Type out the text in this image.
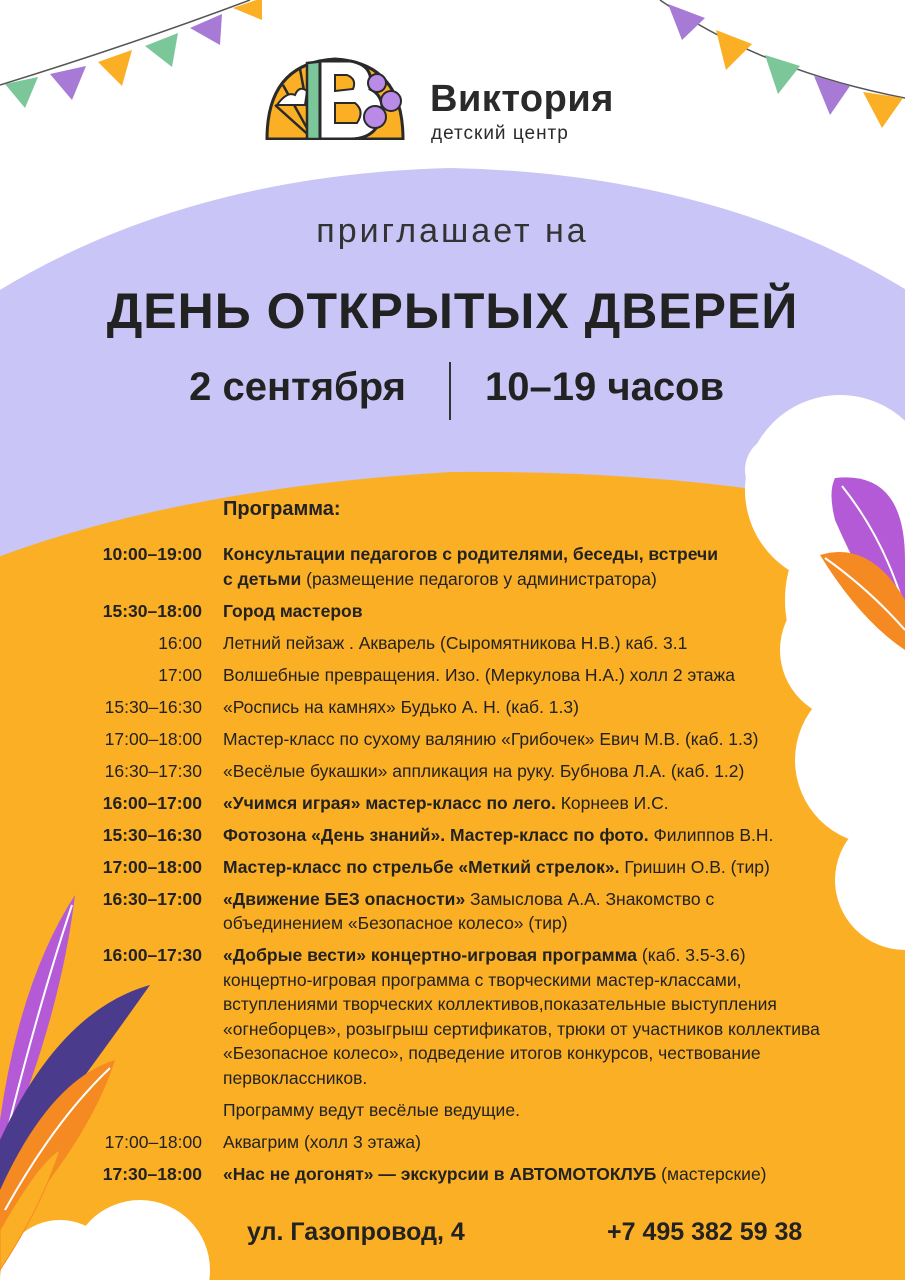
Виктория
детский центр
приглашает на
ДЕНЬ ОТКРЫТЫХ ДВЕРЕЙ
2 сентября	10–19 часов
Программа:
10:00–19:00 Консультации педагогов с родителями, беседы, встречи
с детьми (размещение педагогов у администратора)
15:30–18:00 Город мастеров
16:00 Летний пейзаж . Акварель (Сыромятникова Н.В.) каб. 3.1
17:00 Волшебные превращения. Изо. (Меркулова Н.А.) холл 2 этажа
15:30–16:30 «Роспись на камнях» Будько А. Н. (каб. 1.3)
17:00–18:00 Мастер-класс по сухому валянию «Грибочек» Евич М.В. (каб. 1.3)
16:30–17:30 «Весёлые букашки» аппликация на руку. Бубнова Л.А. (каб. 1.2)
16:00–17:00 «Учимся играя» мастер-класс по лего. Корнеев И.С.
15:30–16:30 Фотозона «День знаний». Мастер-класс по фото. Филиппов В.Н.
17:00–18:00 Мастер-класс по стрельбе «Меткий стрелок». Гришин О.В. (тир)
16:30–17:00 «Движение БЕЗ опасности» Замыслова А.А. Знакомство с объединением «Безопасное колесо» (тир)
16:00–17:30 «Добрые вести» концертно-игровая программа (каб. 3.5-3.6) концертно-игровая программа с творческими мастер-классами, вступлениями творческих коллективов,показательные выступления «огнеборцев», розыгрыш сертификатов, трюки от участников коллектива «Безопасное колесо», подведение итогов конкурсов, чествование первоклассников.
Программу ведут весёлые ведущие.
17:00–18:00 Аквагрим (холл 3 этажа)
17:30–18:00 «Нас не догонят» — экскурсии в АВТОМОТОКЛУБ (мастерские)
ул. Газопровод, 4	+7 495 382 59 38
